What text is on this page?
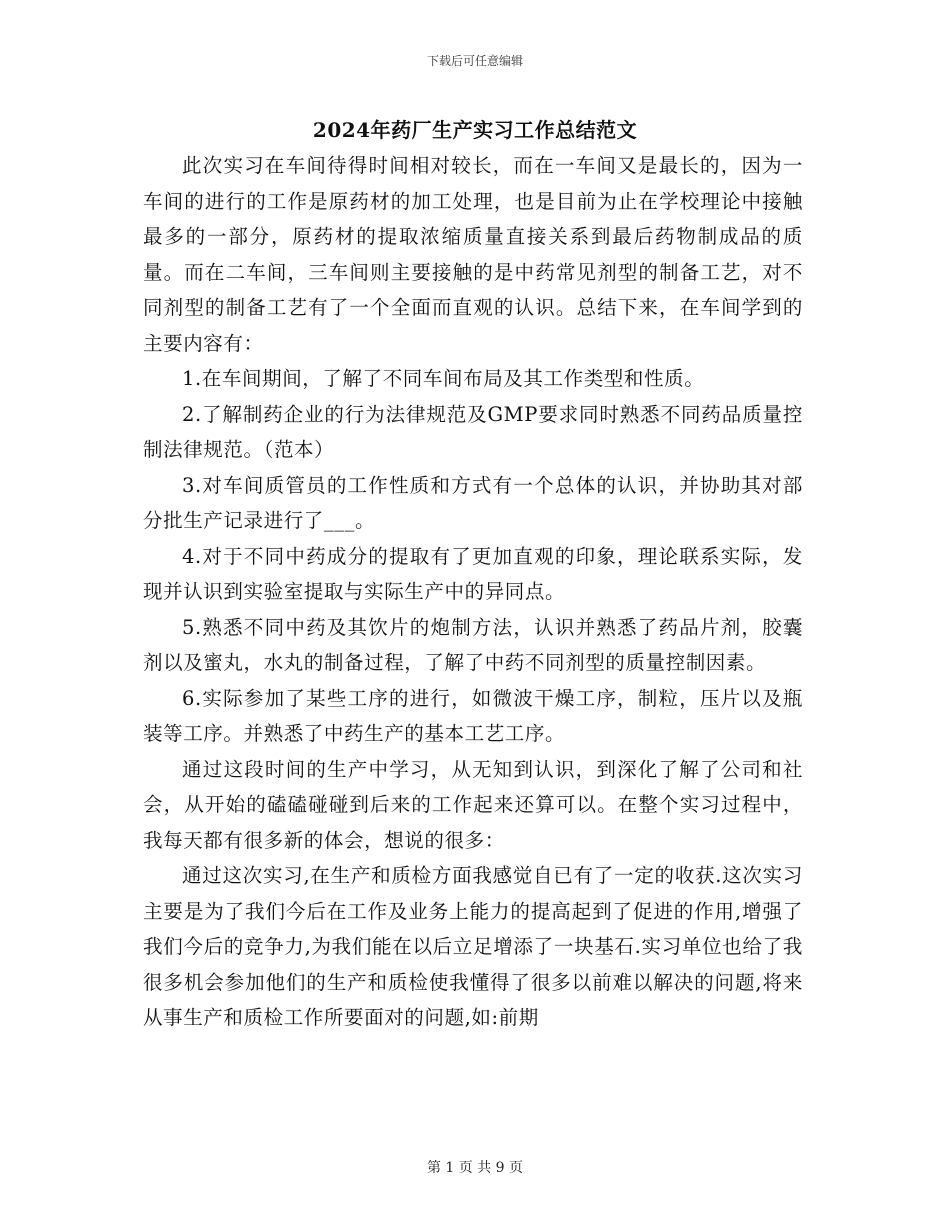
下载后可任意编辑
2024年药厂生产实习工作总结范文

此次实习在车间待得时间相对较长，而在一车间又是最长的，因为一车间的进行的工作是原药材的加工处理，也是目前为止在学校理论中接触最多的一部分，原药材的提取浓缩质量直接关系到最后药物制成品的质量。而在二车间，三车间则主要接触的是中药常见剂型的制备工艺，对不同剂型的制备工艺有了一个全面而直观的认识。总结下来，在车间学到的主要内容有：

1.在车间期间，了解了不同车间布局及其工作类型和性质。

2.了解制药企业的行为法律规范及GMP要求同时熟悉不同药品质量控制法律规范。（范本）

3.对车间质管员的工作性质和方式有一个总体的认识，并协助其对部分批生产记录进行了___。

4.对于不同中药成分的提取有了更加直观的印象，理论联系实际，发现并认识到实验室提取与实际生产中的异同点。

5.熟悉不同中药及其饮片的炮制方法，认识并熟悉了药品片剂，胶囊剂以及蜜丸，水丸的制备过程，了解了中药不同剂型的质量控制因素。

6.实际参加了某些工序的进行，如微波干燥工序，制粒，压片以及瓶装等工序。并熟悉了中药生产的基本工艺工序。

通过这段时间的生产中学习，从无知到认识，到深化了解了公司和社会，从开始的磕磕碰碰到后来的工作起来还算可以。在整个实习过程中，我每天都有很多新的体会，想说的很多：

通过这次实习,在生产和质检方面我感觉自已有了一定的收获.这次实习主要是为了我们今后在工作及业务上能力的提高起到了促进的作用,增强了我们今后的竞争力,为我们能在以后立足增添了一块基石.实习单位也给了我很多机会参加他们的生产和质检使我懂得了很多以前难以解决的问题,将来从事生产和质检工作所要面对的问题,如:前期

第 1 页 共 9 页
